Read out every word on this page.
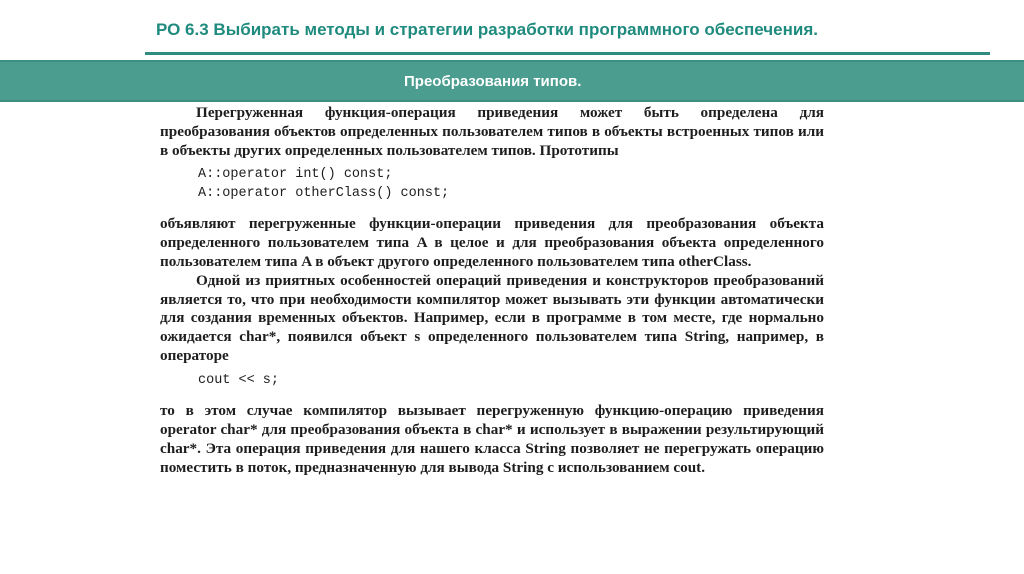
РО 6.3 Выбирать методы и стратегии разработки программного обеспечения.
Преобразования типов.

Перегруженная функция-операция приведения может быть определена для преобразования объектов определенных пользователем типов в объекты встроенных типов или в объекты других определенных пользователем типов. Прототипы

A::operator int() const;
A::operator otherClass() const;

объявляют перегруженные функции-операции приведения для преобразования объекта определенного пользователем типа A в целое и для преобразования объекта определенного пользователем типа A в объект другого определенного пользователем типа otherClass.

Одной из приятных особенностей операций приведения и конструкторов преобразований является то, что при необходимости компилятор может вызывать эти функции автоматически для создания временных объектов. Например, если в программе в том месте, где нормально ожидается char*, появился объект s определенного пользователем типа String, например, в операторе

cout << s;

то в этом случае компилятор вызывает перегруженную функцию-операцию приведения operator char* для преобразования объекта в char* и использует в выражении результирующий char*. Эта операция приведения для нашего класса String позволяет не перегружать операцию поместить в поток, предназначенную для вывода String с использованием cout.
